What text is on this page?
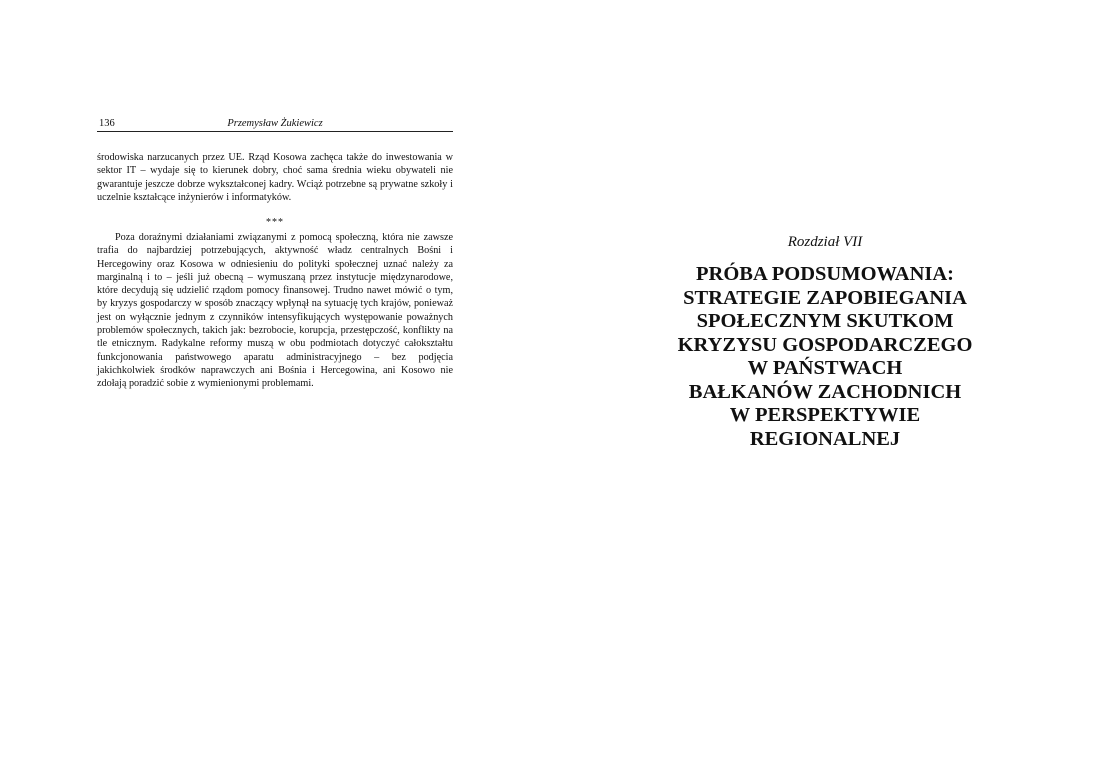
136	Przemysław Żukiewicz

środowiska narzucanych przez UE. Rząd Kosowa zachęca także do inwestowania w sektor IT – wydaje się to kierunek dobry, choć sama średnia wieku obywateli nie gwarantuje jeszcze dobrze wykształconej kadry. Wciąż potrzebne są prywatne szkoły i uczelnie kształcące inżynierów i informatyków.

***

Poza doraźnymi działaniami związanymi z pomocą społeczną, która nie zawsze trafia do najbardziej potrzebujących, aktywność władz centralnych Bośni i Hercegowiny oraz Kosowa w odniesieniu do polityki społecznej uznać należy za marginalną i to – jeśli już obecną – wymuszaną przez instytucje międzynarodowe, które decydują się udzielić rządom pomocy finansowej. Trudno nawet mówić o tym, by kryzys gospodarczy w sposób znaczący wpłynął na sytuację tych krajów, ponieważ jest on wyłącznie jednym z czynników intensyfikujących występowanie poważnych problemów społecznych, takich jak: bezrobocie, korupcja, przestępczość, konflikty na tle etnicznym. Radykalne reformy muszą w obu podmiotach dotyczyć całokształtu funkcjonowania państwowego aparatu administracyjnego – bez podjęcia jakichkolwiek środków naprawczych ani Bośnia i Hercegowina, ani Kosowo nie zdołają poradzić sobie z wymienionymi problemami.

Rozdział VII
PRÓBA PODSUMOWANIA:
STRATEGIE ZAPOBIEGANIA
SPOŁECZNYM SKUTKOM
KRYZYSU GOSPODARCZEGO
W PAŃSTWACH
BAŁKANÓW ZACHODNICH
W PERSPEKTYWIE
REGIONALNEJ
